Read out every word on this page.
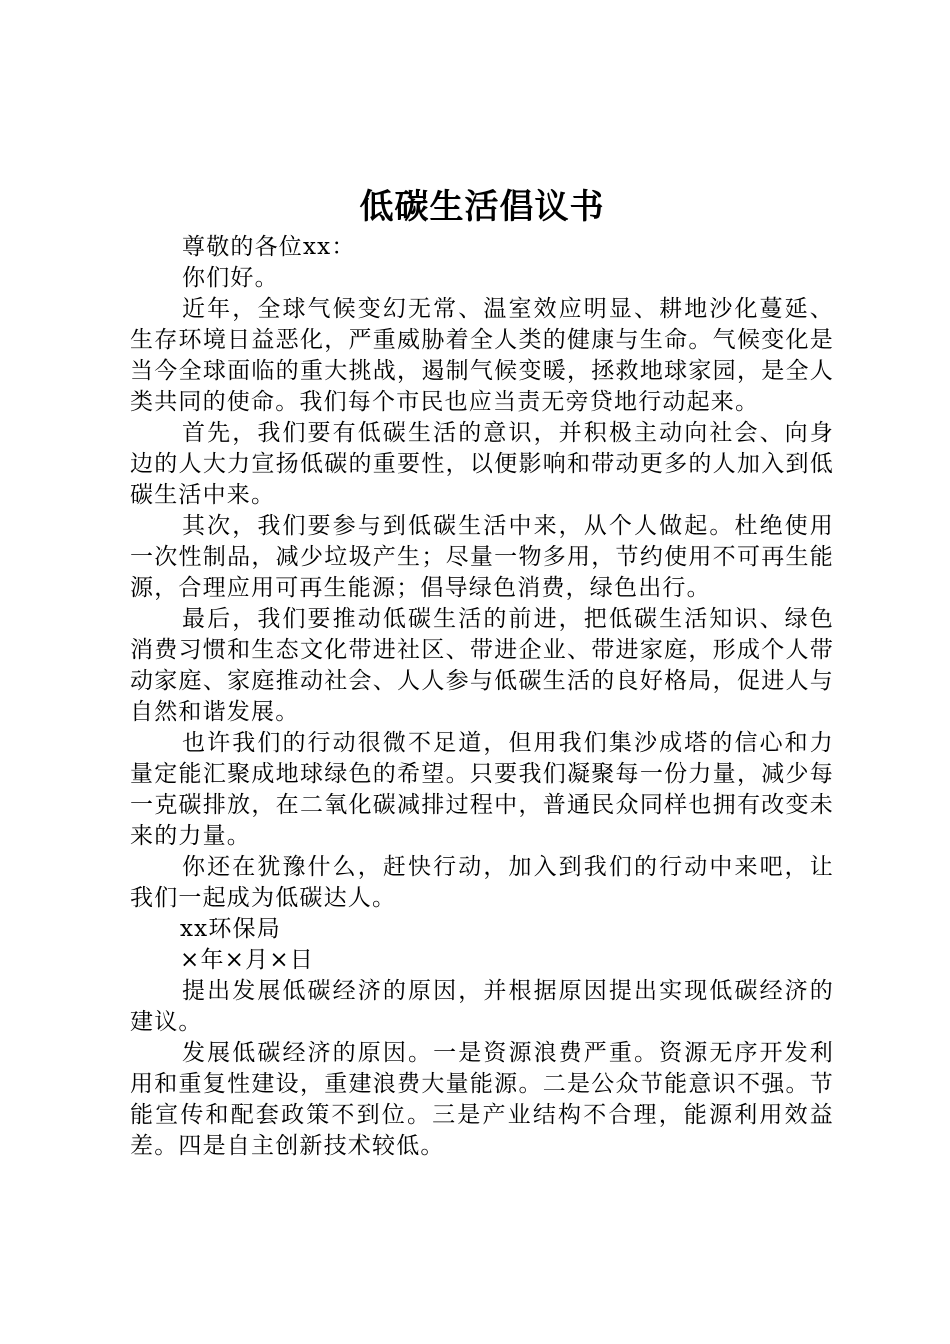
低碳生活倡议书

尊敬的各位xx：

你们好。

近年，全球气候变幻无常、温室效应明显、耕地沙化蔓延、生存环境日益恶化，严重威胁着全人类的健康与生命。气候变化是当今全球面临的重大挑战，遏制气候变暖，拯救地球家园，是全人类共同的使命。我们每个市民也应当责无旁贷地行动起来。

首先，我们要有低碳生活的意识，并积极主动向社会、向身边的人大力宣扬低碳的重要性，以便影响和带动更多的人加入到低碳生活中来。

其次，我们要参与到低碳生活中来，从个人做起。杜绝使用一次性制品，减少垃圾产生；尽量一物多用，节约使用不可再生能源，合理应用可再生能源；倡导绿色消费，绿色出行。

最后，我们要推动低碳生活的前进，把低碳生活知识、绿色消费习惯和生态文化带进社区、带进企业、带进家庭，形成个人带动家庭、家庭推动社会、人人参与低碳生活的良好格局，促进人与自然和谐发展。

也许我们的行动很微不足道，但用我们集沙成塔的信心和力量定能汇聚成地球绿色的希望。只要我们凝聚每一份力量，减少每一克碳排放，在二氧化碳减排过程中，普通民众同样也拥有改变未来的力量。

你还在犹豫什么，赶快行动，加入到我们的行动中来吧，让我们一起成为低碳达人。

xx环保局

×年×月×日

提出发展低碳经济的原因，并根据原因提出实现低碳经济的建议。

发展低碳经济的原因。一是资源浪费严重。资源无序开发利用和重复性建设，重建浪费大量能源。二是公众节能意识不强。节能宣传和配套政策不到位。三是产业结构不合理，能源利用效益差。四是自主创新技术较低。
